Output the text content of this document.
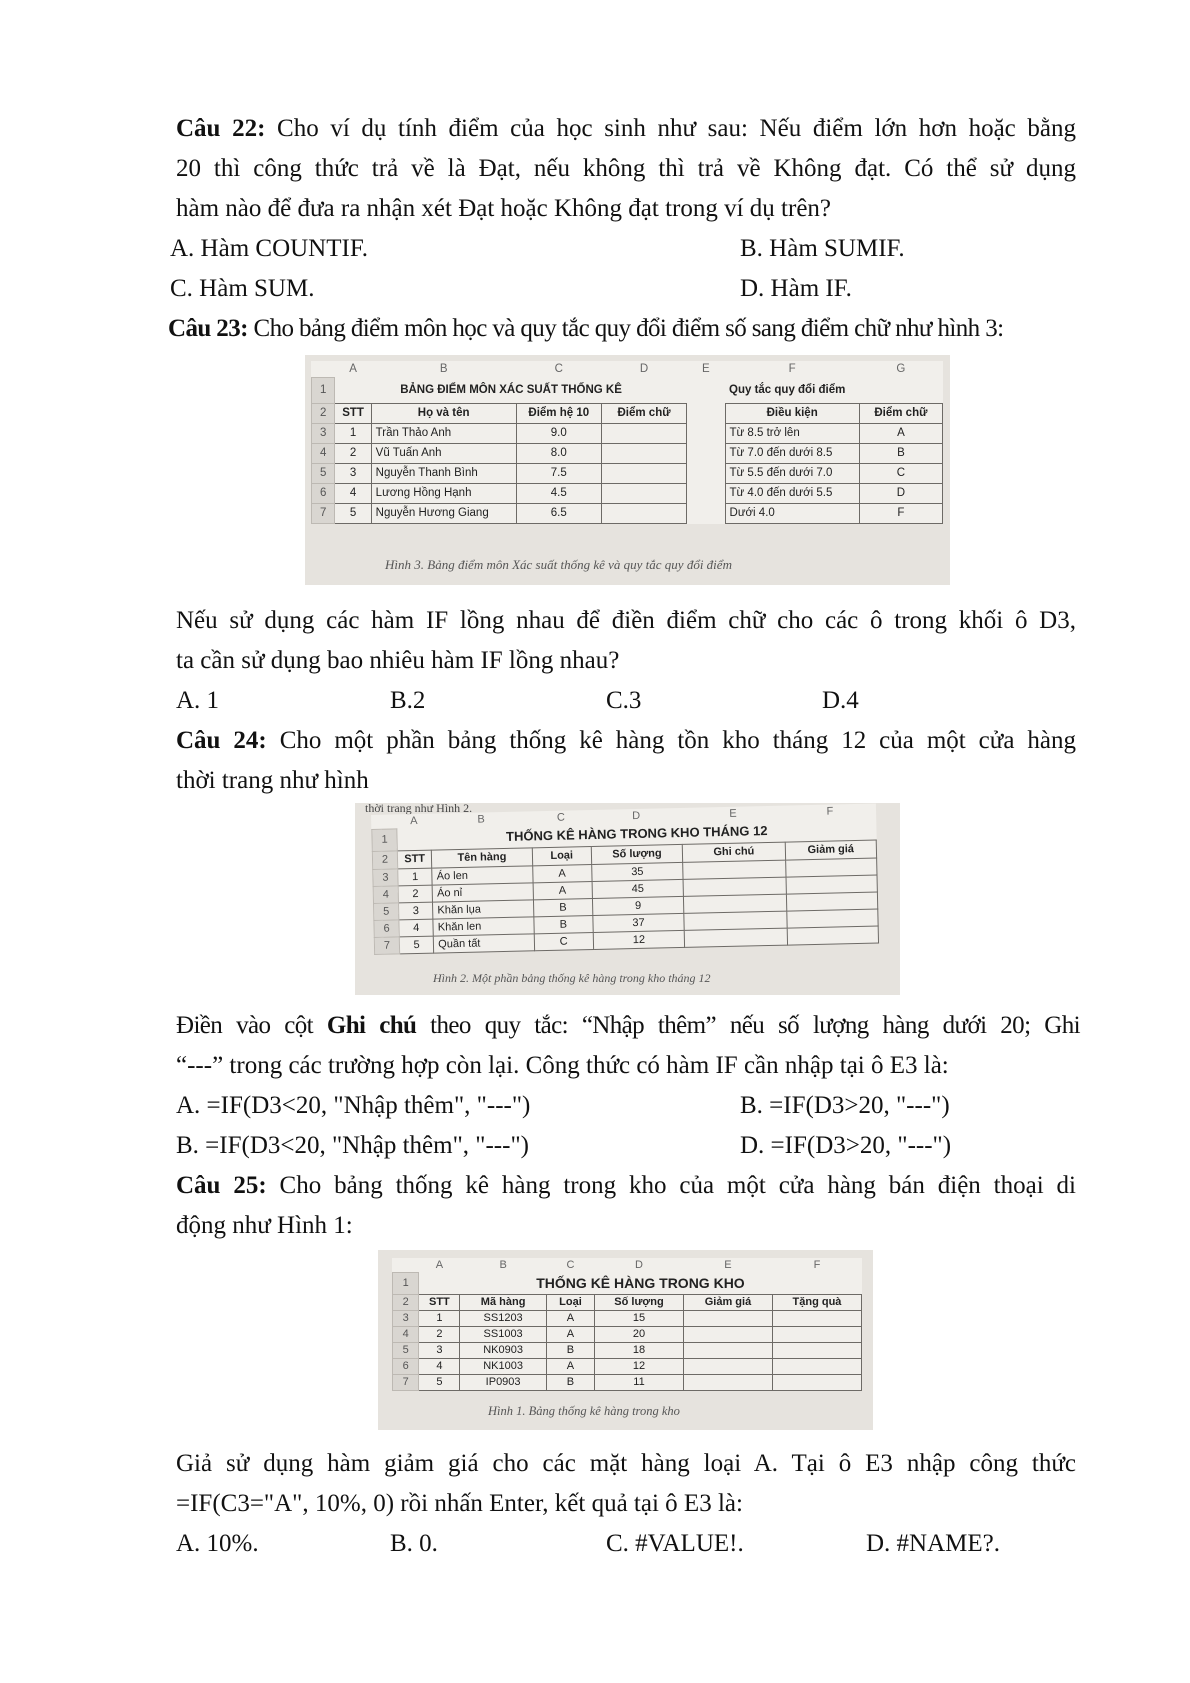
Câu 22: Cho ví dụ tính điểm của học sinh như sau: Nếu điểm lớn hơn hoặc bằng
20 thì công thức trả về là Đạt, nếu không thì trả về Không đạt. Có thể sử dụng
hàm nào để đưa ra nhận xét Đạt hoặc Không đạt trong ví dụ trên?
A. Hàm COUNTIF.	B. Hàm SUMIF.
C. Hàm SUM.	D. Hàm IF.
Câu 23: Cho bảng điểm môn học và quy tắc quy đổi điểm số sang điểm chữ như hình 3:
	A	B	C	D	E	F	G
1	BẢNG ĐIỂM MÔN XÁC SUẤT THỐNG KÊ					Quy tắc quy đổi điểm	
2	STT	Họ và tên	Điểm hệ 10	Điểm chữ		Điều kiện	Điểm chữ
3	1	Trần Thảo Anh	9.0			Từ 8.5 trở lên	A
4	2	Vũ Tuấn Anh	8.0			Từ 7.0 đến dưới 8.5	B
5	3	Nguyễn Thanh Bình	7.5			Từ 5.5 đến dưới 7.0	C
6	4	Lương Hồng Hạnh	4.5			Từ 4.0 đến dưới 5.5	D
7	5	Nguyễn Hương Giang	6.5			Dưới 4.0	F
Hình 3. Bảng điểm môn Xác suất thống kê và quy tắc quy đổi điểm
Nếu sử dụng các hàm IF lồng nhau để điền điểm chữ cho các ô trong khối ô D3,
ta cần sử dụng bao nhiêu hàm IF lồng nhau?
A. 1	B.2	C.3	D.4
Câu 24: Cho một phần bảng thống kê hàng tồn kho tháng 12 của một cửa hàng
thời trang như hình
thời trang như Hình 2.
	A	B	C	D	E	F
1	THỐNG KÊ HÀNG TRONG KHO THÁNG 12					
2	STT	Tên hàng	Loại	Số lượng	Ghi chú	Giảm giá
3	1	Áo len	A	35		
4	2	Áo nỉ	A	45		
5	3	Khăn lụa	B	9		
6	4	Khăn len	B	37		
7	5	Quần tất	C	12		
Hình 2. Một phần bảng thống kê hàng trong kho tháng 12
Điền vào cột Ghi chú theo quy tắc: “Nhập thêm” nếu số lượng hàng dưới 20; Ghi
“---” trong các trường hợp còn lại. Công thức có hàm IF cần nhập tại ô E3 là:
A. =IF(D3<20, "Nhập thêm", "---")	B. =IF(D3>20, "---")
B. =IF(D3<20, "Nhập thêm", "---")	D. =IF(D3>20, "---")
Câu 25: Cho bảng thống kê hàng trong kho của một cửa hàng bán điện thoại di
động như Hình 1:
	A	B	C	D	E	F
1	THỐNG KÊ HÀNG TRONG KHO					
2	STT	Mã hàng	Loại	Số lượng	Giảm giá	Tặng quà
3	1	SS1203	A	15		
4	2	SS1003	A	20		
5	3	NK0903	B	18		
6	4	NK1003	A	12		
7	5	IP0903	B	11		
Hình 1. Bảng thống kê hàng trong kho
Giả sử dụng hàm giảm giá cho các mặt hàng loại A. Tại ô E3 nhập công thức
=IF(C3="A", 10%, 0) rồi nhấn Enter, kết quả tại ô E3 là:
A. 10%.	B. 0.	C. #VALUE!.	D. #NAME?.
